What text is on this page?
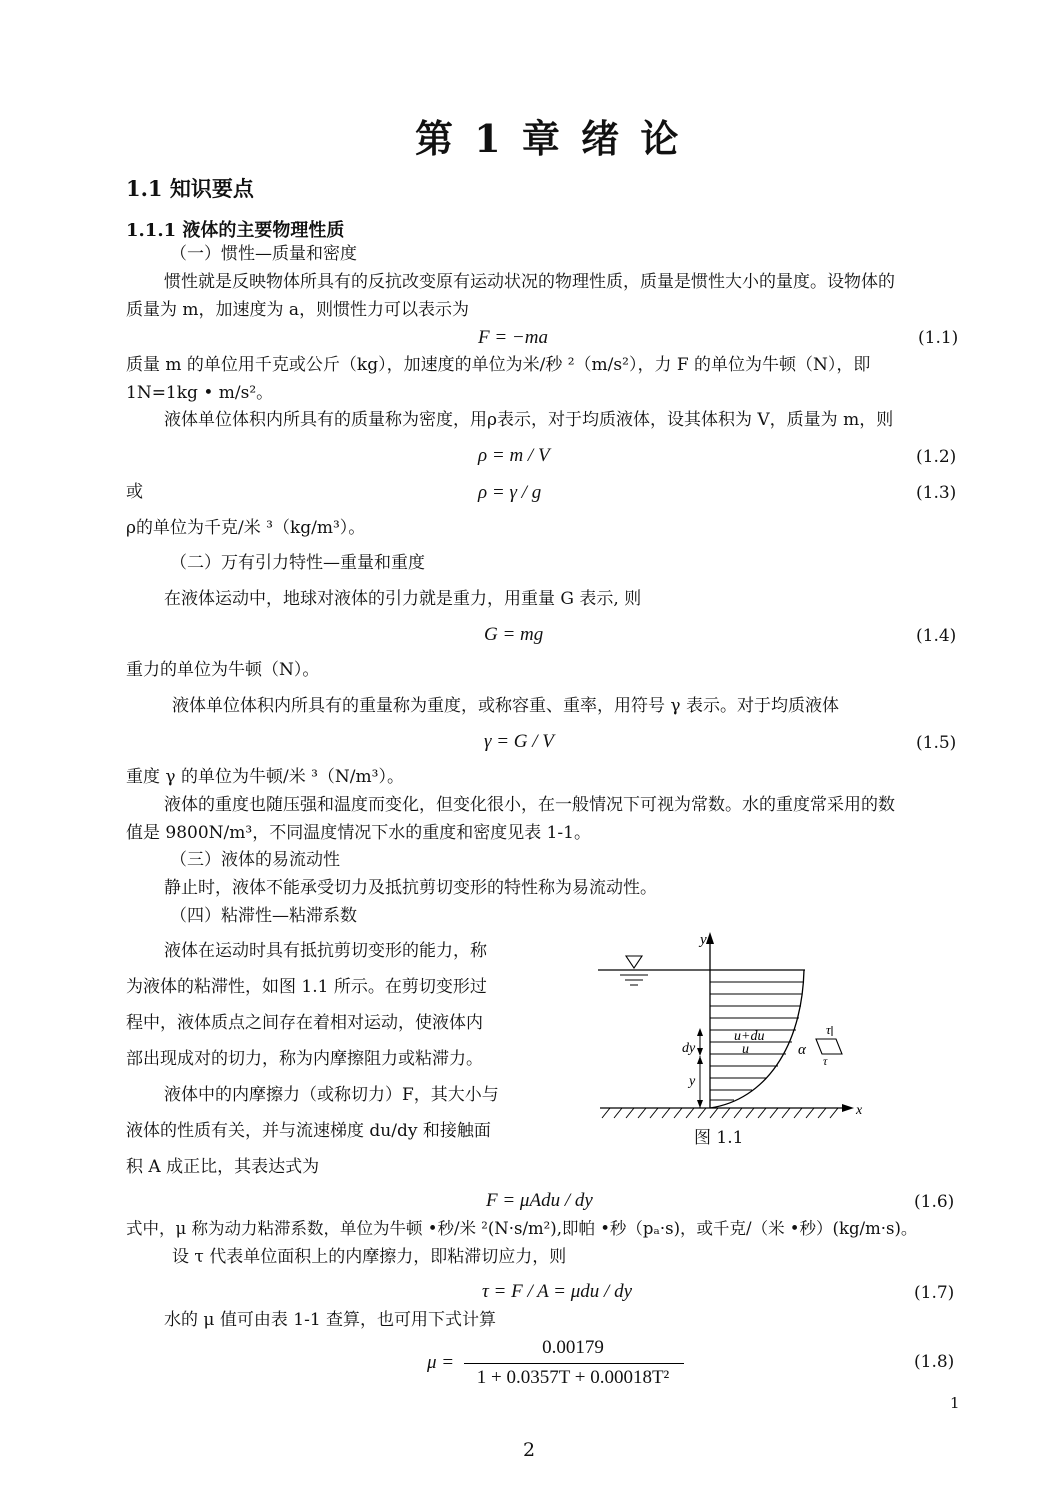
第 1 章 绪 论
1.1 知识要点
1.1.1 液体的主要物理性质
（一）惯性—质量和密度
惯性就是反映物体所具有的反抗改变原有运动状况的物理性质，质量是惯性大小的量度。设物体的
质量为 m，加速度为 a，则惯性力可以表示为
F = −ma	(1.1)
质量 m 的单位用千克或公斤（kg），加速度的单位为米/秒 ²（m/s²），力 F 的单位为牛顿（N），即
1N=1kg • m/s²。
液体单位体积内所具有的质量称为密度，用ρ表示，对于均质液体，设其体积为 V，质量为 m，则
ρ = m / V	(1.2)
或	ρ = γ / g	(1.3)
ρ的单位为千克/米 ³（kg/m³）。
（二）万有引力特性—重量和重度
在液体运动中，地球对液体的引力就是重力，用重量 G 表示, 则
G = mg	(1.4)
重力的单位为牛顿（N）。
液体单位体积内所具有的重量称为重度，或称容重、重率，用符号 γ 表示。对于均质液体
γ = G / V	(1.5)
重度 γ 的单位为牛顿/米 ³（N/m³）。
液体的重度也随压强和温度而变化，但变化很小，在一般情况下可视为常数。水的重度常采用的数
值是 9800N/m³，不同温度情况下水的重度和密度见表 1-1。
（三）液体的易流动性
静止时，液体不能承受切力及抵抗剪切变形的特性称为易流动性。
（四）粘滞性—粘滞系数
液体在运动时具有抵抗剪切变形的能力，称
为液体的粘滞性，如图 1.1 所示。在剪切变形过
程中，液体质点之间存在着相对运动，使液体内
部出现成对的切力，称为内摩擦阻力或粘滞力。
液体中的内摩擦力（或称切力）F，其大小与
液体的性质有关，并与流速梯度 du/dy 和接触面
积 A 成正比，其表达式为
y
x
dy
y
u+du
u	α
τ
τ
图 1.1
F = μAdu / dy	(1.6)
式中，μ 称为动力粘滞系数，单位为牛顿 •秒/米 ²(N·s/m²),即帕 •秒（pₐ·s)，或千克/（米 •秒）(kg/m·s)。
设 τ 代表单位面积上的内摩擦力，即粘滞切应力，则
τ = F / A = μdu / dy	(1.7)
水的 μ 值可由表 1-1 查算，也可用下式计算
μ =
0.00179
1 + 0.0357T + 0.00018T²
(1.8)
1
2
